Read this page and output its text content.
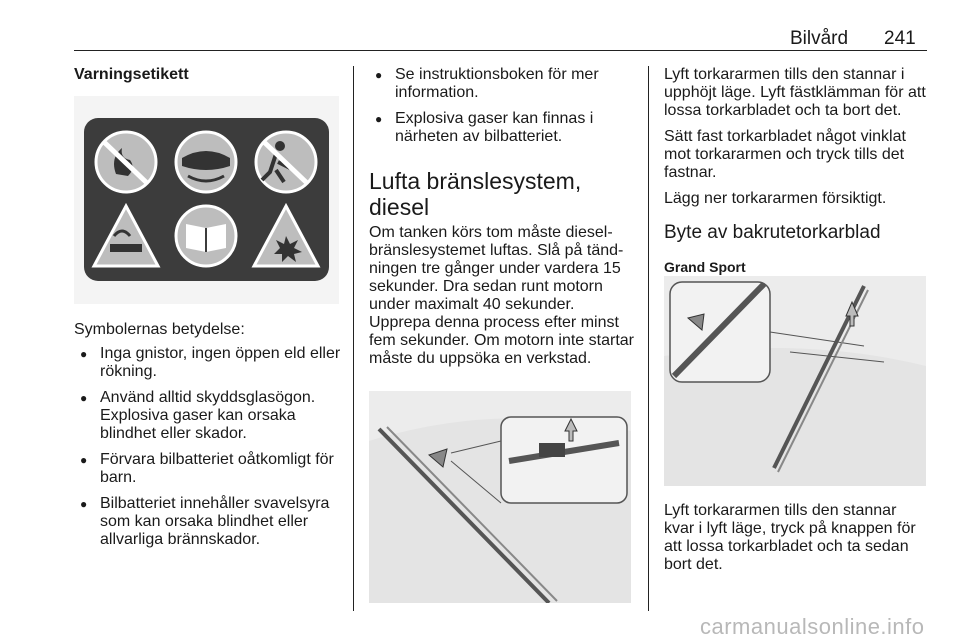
Bilvård 241
Varningsetikett

Symbolernas betydelse:

● Inga gnistor, ingen öppen eld eller rökning.
● Använd alltid skyddsglasögon. Explosiva gaser kan orsaka blindhet eller skador.
● Förvara bilbatteriet oåtkomligt för barn.
● Bilbatteriet innehåller svavelsyra som kan orsaka blindhet eller allvarliga brännskador.
● Se instruktionsboken för mer information.
● Explosiva gaser kan finnas i närheten av bilbatteriet.
Lufta bränslesystem, diesel

Om tanken körs tom måste diesel-bränslesystemet luftas. Slå på tänd-ningen tre gånger under vardera 15 sekunder. Dra sedan runt motorn under maximalt 40 sekunder. Upprepa denna process efter minst fem sekunder. Om motorn inte startar måste du uppsöka en verkstad.

Lyft torkararmen tills den stannar i upphöjt läge. Lyft fästklämman för att lossa torkarbladet och ta bort det.

Sätt fast torkarbladet något vinklat mot torkararmen och tryck tills det fastnar.

Lägg ner torkararmen försiktigt.

Byte av bakrutetorkarblad
Grand Sport

Lyft torkararmen tills den stannar kvar i lyft läge, tryck på knappen för att lossa torkarbladet och ta sedan bort det.

carmanualsonline.info
